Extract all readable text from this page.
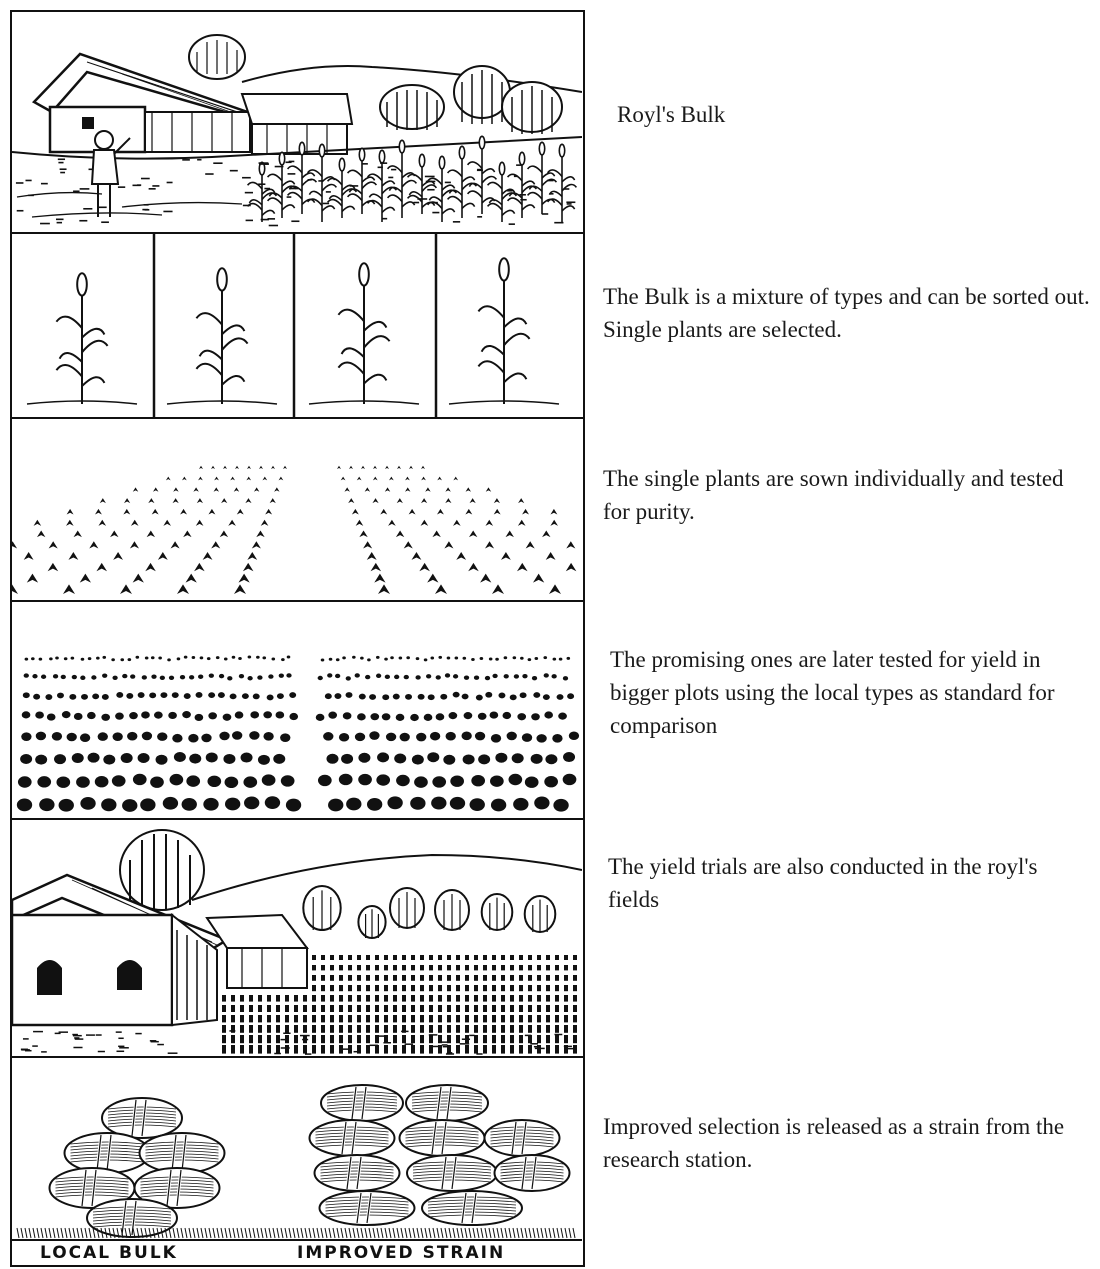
LOCAL BULK	IMPROVED STRAIN
Royl's Bulk
The Bulk is a mixture of types and can be sorted out. Single plants are selected.
The single plants are sown individually and tested for purity.
The promising ones are later tested for yield in bigger plots using the local types as standard for comparison
The yield trials are also conducted in the royl's fields
Improved selection is released as a strain from the research station.
